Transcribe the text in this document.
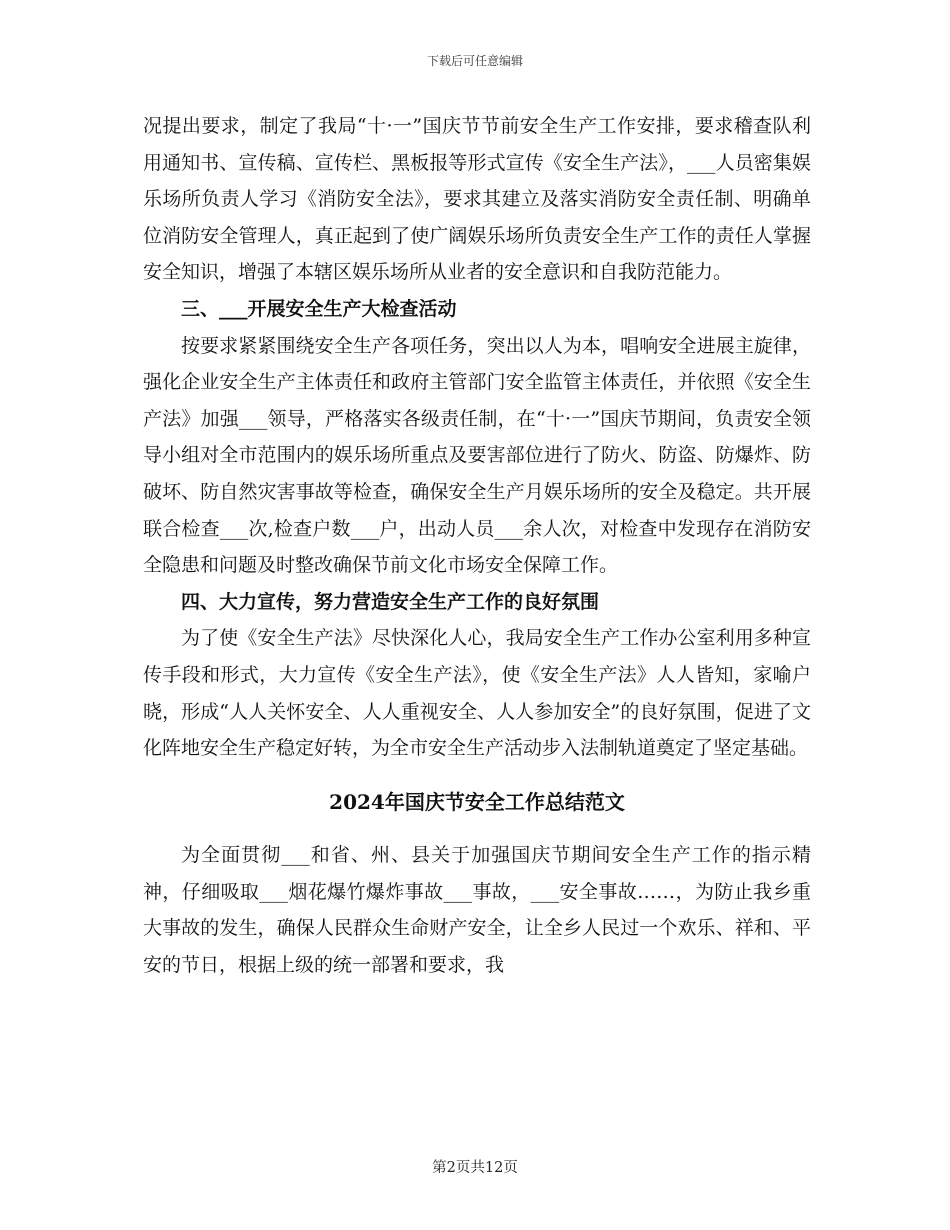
下载后可任意编辑

况提出要求，制定了我局“十·一”国庆节节前安全生产工作安排，要求稽查队利用通知书、宣传稿、宣传栏、黑板报等形式宣传《安全生产法》，___人员密集娱乐场所负责人学习《消防安全法》，要求其建立及落实消防安全责任制、明确单位消防安全管理人，真正起到了使广阔娱乐场所负责安全生产工作的责任人掌握安全知识，增强了本辖区娱乐场所从业者的安全意识和自我防范能力。

三、___开展安全生产大检查活动

按要求紧紧围绕安全生产各项任务，突出以人为本，唱响安全进展主旋律，强化企业安全生产主体责任和政府主管部门安全监管主体责任，并依照《安全生产法》加强___领导，严格落实各级责任制，在“十·一”国庆节期间，负责安全领导小组对全市范围内的娱乐场所重点及要害部位进行了防火、防盗、防爆炸、防破坏、防自然灾害事故等检查，确保安全生产月娱乐场所的安全及稳定。共开展联合检查___次,检查户数___户，出动人员___余人次，对检查中发现存在消防安全隐患和问题及时整改确保节前文化市场安全保障工作。

四、大力宣传，努力营造安全生产工作的良好氛围

为了使《安全生产法》尽快深化人心，我局安全生产工作办公室利用多种宣传手段和形式，大力宣传《安全生产法》，使《安全生产法》人人皆知，家喻户晓，形成“人人关怀安全、人人重视安全、人人参加安全”的良好氛围，促进了文化阵地安全生产稳定好转，为全市安全生产活动步入法制轨道奠定了坚定基础。

2024年国庆节安全工作总结范文

为全面贯彻___和省、州、县关于加强国庆节期间安全生产工作的指示精神，仔细吸取___烟花爆竹爆炸事故___事故，___安全事故……，为防止我乡重大事故的发生，确保人民群众生命财产安全，让全乡人民过一个欢乐、祥和、平安的节日，根据上级的统一部署和要求，我

第2页共12页
